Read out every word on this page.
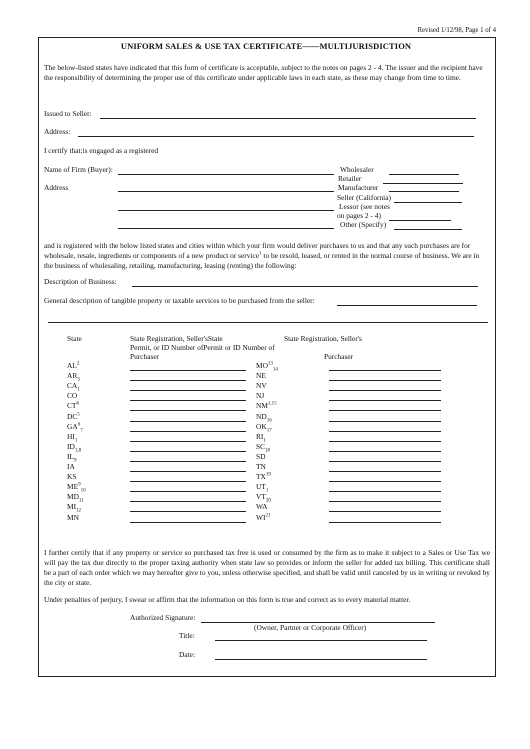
Revised 1/12/98, Page 1 of 4
UNIFORM SALES & USE TAX CERTIFICATE——MULTIJURISDICTION
The below-listed states have indicated that this form of certificate is acceptable, subject to the notes on pages 2 - 4. The issuer and the recipient have the responsibility of determining the proper use of this certificate under applicable laws in each state, as these may change from time to time.
Issued to Seller:
Address:
I certify that:is engaged as a registered
Name of Firm (Buyer):
Address
Wholesaler
Retailer
Manufacturer
Seller (California)
Lessor (see notes
on pages 2 - 4)
Other (Specify)
and is registered with the below listed states and cities within which your firm would deliver purchases to us and that any such purchases are for wholesale, resale, ingredients or components of a new product or service$^1$ to be resold, leased, or rented in the normal course of business. We are in the business of wholesaling, retailing, manufacturing, leasing (renting) the following:
Description of Business:
General description of tangible property or taxable services to be purchased from the seller:
State	State Registration, Seller'sState
Permit, or ID Number ofPermit or ID Number of
Purchaser
State Registration, Seller's
Purchaser
$AL^2$
$AR_3$
$CA_1$
CO
$CT^6$
$DC^5$
$GA^6_7$
$HI_1$
$ID_{1,8}$
$IL_9$
IA
KS
$ME^9_{10}$
$MD_{11}$
$MI_{12}$
MN
$MO^{13}_{14}$
NE
NV
NJ
NM$^{1,15}$
$ND_{16}$
$OK_{17}$
$RI_1$
$SC_{18}$
SD
TN
TX$^{19}$
$UT_1$
$VT_{20}$
WA
WI$^{21}$
I further certify that if any property or service so purchased tax free is used or consumed by the firm as to make it subject to a Sales or Use Tax we will pay the tax due directly to the proper taxing authority when state law so provides or inform the seller for added tax billing. This certificate shall be a part of each order which we may hereafter give to you, unless otherwise specified, and shall be valid until canceled by us in writing or revoked by the city or state.
Under penalties of perjury, I swear or affirm that the information on this form is true and correct as to every material matter.
Authorized Signature:
(Owner, Partner or Corporate Officer)
Title:
Date:
